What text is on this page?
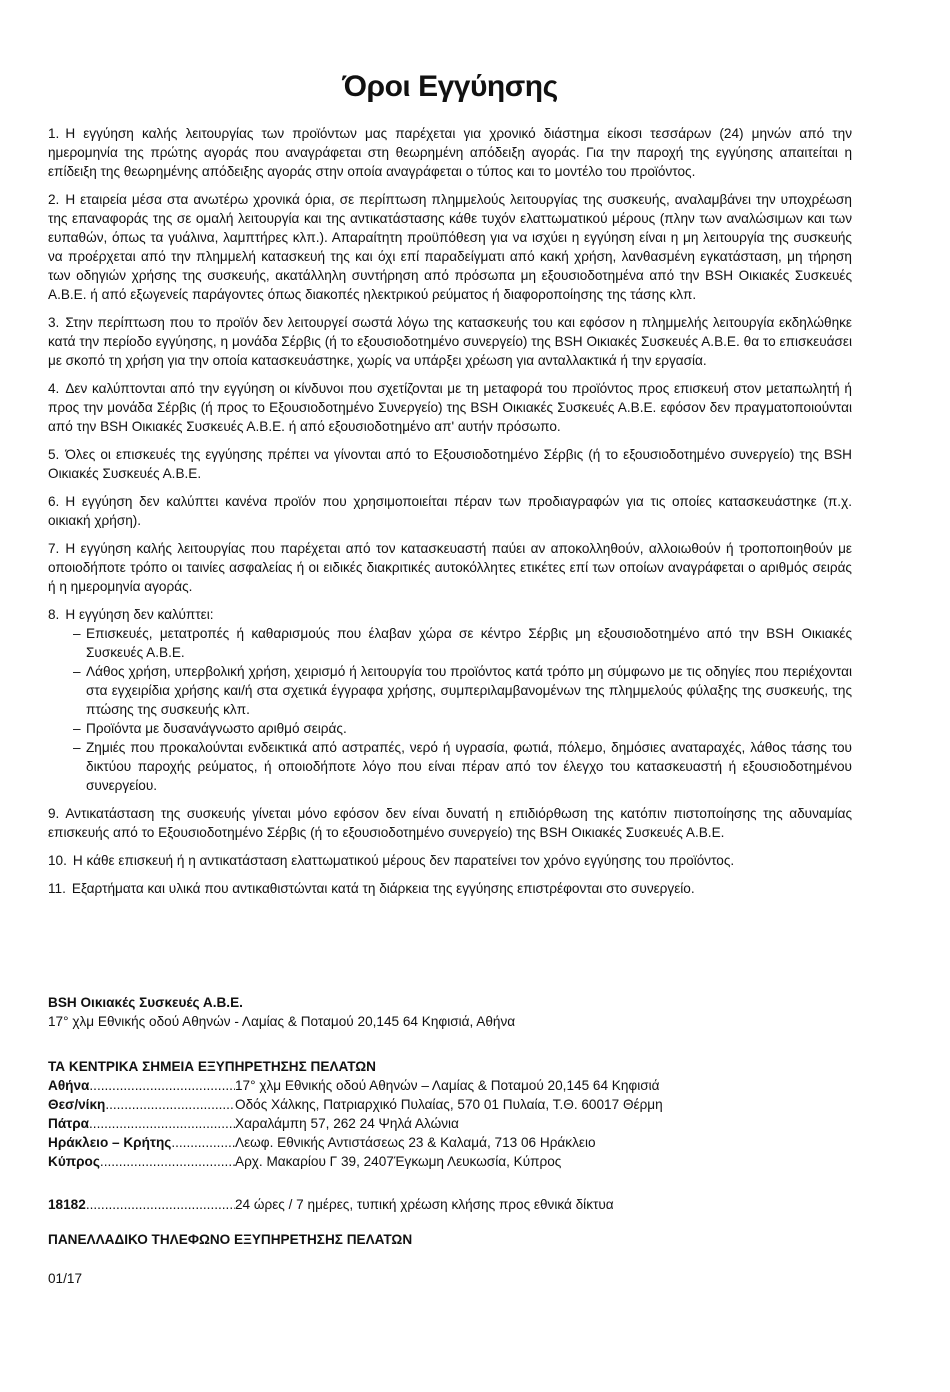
Όροι Εγγύησης

1. Η εγγύηση καλής λειτουργίας των προϊόντων μας παρέχεται για χρονικό διάστημα είκοσι τεσσάρων (24) μηνών από την ημερομηνία της πρώτης αγοράς που αναγράφεται στη θεωρημένη απόδειξη αγοράς. Για την παροχή της εγγύησης απαιτείται η επίδειξη της θεωρημένης απόδειξης αγοράς στην οποία αναγράφεται ο τύπος και το μοντέλο του προϊόντος.

2. Η εταιρεία μέσα στα ανωτέρω χρονικά όρια, σε περίπτωση πλημμελούς λειτουργίας της συσκευής, αναλαμβάνει την υποχρέωση της επαναφοράς της σε ομαλή λειτουργία και της αντικατάστασης κάθε τυχόν ελαττωματικού μέρους (πλην των αναλώσιμων και των ευπαθών, όπως τα γυάλινα, λαμπτήρες κλπ.). Απαραίτητη προϋπόθεση για να ισχύει η εγγύηση είναι η μη λειτουργία της συσκευής να προέρχεται από την πλημμελή κατασκευή της και όχι επί παραδείγματι από κακή χρήση, λανθασμένη εγκατάσταση, μη τήρηση των οδηγιών χρήσης της συσκευής, ακατάλληλη συντήρηση από πρόσωπα μη εξουσιοδοτημένα από την BSH Οικιακές Συσκευές Α.Β.Ε. ή από εξωγενείς παράγοντες όπως διακοπές ηλεκτρικού ρεύματος ή διαφοροποίησης της τάσης κλπ.

3. Στην περίπτωση που το προϊόν δεν λειτουργεί σωστά λόγω της κατασκευής του και εφόσον η πλημμελής λειτουργία εκδηλώθηκε κατά την περίοδο εγγύησης, η μονάδα Σέρβις (ή το εξουσιοδοτημένο συνεργείο) της BSH Οικιακές Συσκευές Α.Β.Ε. θα το επισκευάσει με σκοπό τη χρήση για την οποία κατασκευάστηκε, χωρίς να υπάρξει χρέωση για ανταλλακτικά ή την εργασία.

4. Δεν καλύπτονται από την εγγύηση οι κίνδυνοι που σχετίζονται με τη μεταφορά του προϊόντος προς επισκευή στον μεταπωλητή ή προς την μονάδα Σέρβις (ή προς το Εξουσιοδοτημένο Συνεργείο) της BSH Οικιακές Συσκευές Α.Β.Ε. εφόσον δεν πραγματοποιούνται από την BSH Οικιακές Συσκευές Α.Β.Ε. ή από εξουσιοδοτημένο απ' αυτήν πρόσωπο.

5. Όλες οι επισκευές της εγγύησης πρέπει να γίνονται από το Εξουσιοδοτημένο Σέρβις (ή το εξουσιοδοτημένο συνεργείο) της BSH Οικιακές Συσκευές Α.Β.Ε.

6. Η εγγύηση δεν καλύπτει κανένα προϊόν που χρησιμοποιείται πέραν των προδιαγραφών για τις οποίες κατασκευάστηκε (π.χ. οικιακή χρήση).

7. Η εγγύηση καλής λειτουργίας που παρέχεται από τον κατασκευαστή παύει αν αποκολληθούν, αλλοιωθούν ή τροποποιηθούν με οποιοδήποτε τρόπο οι ταινίες ασφαλείας ή οι ειδικές διακριτικές αυτοκόλλητες ετικέτες επί των οποίων αναγράφεται ο αριθμός σειράς ή η ημερομηνία αγοράς.

8. Η εγγύηση δεν καλύπτει:
– Επισκευές, μετατροπές ή καθαρισμούς που έλαβαν χώρα σε κέντρο Σέρβις μη εξουσιοδοτημένο από την BSH Οικιακές Συσκευές Α.Β.Ε.
– Λάθος χρήση, υπερβολική χρήση, χειρισμό ή λειτουργία του προϊόντος κατά τρόπο μη σύμφωνο με τις οδηγίες που περιέχονται στα εγχειρίδια χρήσης και/ή στα σχετικά έγγραφα χρήσης, συμπεριλαμβανομένων της πλημμελούς φύλαξης της συσκευής, της πτώσης της συσκευής κλπ.
– Προϊόντα με δυσανάγνωστο αριθμό σειράς.
– Ζημιές που προκαλούνται ενδεικτικά από αστραπές, νερό ή υγρασία, φωτιά, πόλεμο, δημόσιες αναταραχές, λάθος τάσης του δικτύου παροχής ρεύματος, ή οποιοδήποτε λόγο που είναι πέραν από τον έλεγχο του κατασκευαστή ή εξουσιοδοτημένου συνεργείου.

9. Αντικατάσταση της συσκευής γίνεται μόνο εφόσον δεν είναι δυνατή η επιδιόρθωση της κατόπιν πιστοποίησης της αδυναμίας επισκευής από το Εξουσιοδοτημένο Σέρβις (ή το εξουσιοδοτημένο συνεργείο) της BSH Οικιακές Συσκευές Α.Β.Ε.

10. Η κάθε επισκευή ή η αντικατάσταση ελαττωματικού μέρους δεν παρατείνει τον χρόνο εγγύησης του προϊόντος.

11. Εξαρτήματα και υλικά που αντικαθιστώνται κατά τη διάρκεια της εγγύησης επιστρέφονται στο συνεργείο.

BSH Οικιακές Συσκευές Α.Β.Ε.
17° χλμ Εθνικής οδού Αθηνών - Λαμίας & Ποταμού 20,145 64 Κηφισιά, Αθήνα
ΤΑ ΚΕΝΤΡΙΚΑ ΣΗΜΕΙΑ ΕΞΥΠΗΡΕΤΗΣΗΣ ΠΕΛΑΤΩΝ
Αθήνα .....	17° χλμ Εθνικής οδού Αθηνών – Λαμίας & Ποταμού 20,145 64 Κηφισιά
Θεσ/νίκη .....	Οδός Χάλκης, Πατριαρχικό Πυλαίας, 570 01 Πυλαία, Τ.Θ. 60017 Θέρμη
Πάτρα .....	Χαραλάμπη 57, 262 24 Ψηλά Αλώνια
Ηράκλειο – Κρήτης .....	Λεωφ. Εθνικής Αντιστάσεως 23 & Καλαμά, 713 06 Ηράκλειο
Κύπρος .....	Αρχ. Μακαρίου Γ 39, 2407Έγκωμη Λευκωσία, Κύπρος
18182 .....	24 ώρες / 7 ημέρες, τυπική χρέωση κλήσης προς εθνικά δίκτυα
ΠΑΝΕΛΛΑΔΙΚΟ ΤΗΛΕΦΩΝΟ ΕΞΥΠΗΡΕΤΗΣΗΣ ΠΕΛΑΤΩΝ
01/17
